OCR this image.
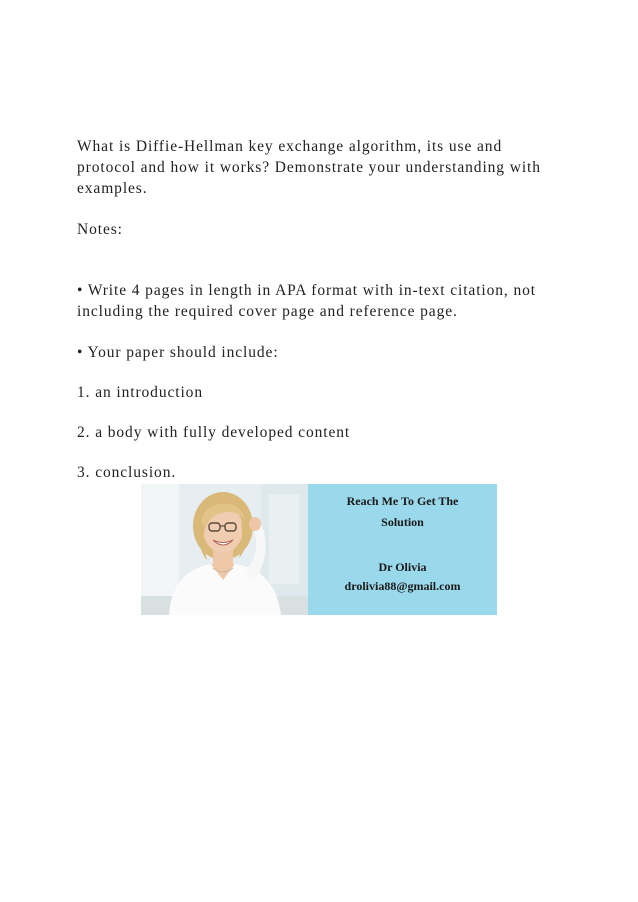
What is Diffie-Hellman key exchange algorithm, its use and protocol and how it works? Demonstrate your understanding with examples.

Notes:

• Write 4 pages in length in APA format with in-text citation, not including the required cover page and reference page.

• Your paper should include:

1. an introduction

2. a body with fully developed content

3. conclusion.

Reach Me To Get The
Solution
Dr Olivia
drolivia88@gmail.com
